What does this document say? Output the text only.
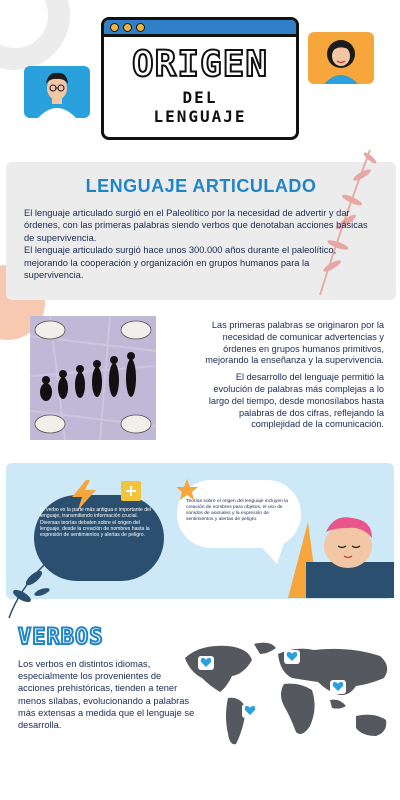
ORIGEN
DEL
LENGUAJE
LENGUAJE ARTICULADO
El lenguaje articulado surgió en el Paleolítico por la necesidad de advertir y dar órdenes, con las primeras palabras siendo verbos que denotaban acciones básicas de supervivencia.
El lenguaje articulado surgió hace unos 300.000 años durante el paleolítico, mejorando la cooperación y organización en grupos humanos para la supervivencia.

Las primeras palabras se originaron por la necesidad de comunicar advertencias y órdenes en grupos humanos primitivos, mejorando la enseñanza y la supervivencia.

El desarrollo del lenguaje permitió la evolución de palabras más complejas a lo largo del tiempo, desde monosílabos hasta palabras de dos cifras, reflejando la complejidad de la comunicación.

El verbo es la parte más antigua e importante del lenguaje, transmitiendo información crucial. Diversas teorías debaten sobre el origen del lenguaje, desde la creación de nombres hasta la expresión de sentimientos y alertas de peligro.
Teorías sobre el origen del lenguaje incluyen la creación de nombres para objetos, el uso de sonidos de animales y la expresión de sentimientos y alertas de peligro.
VERBOS
Los verbos en distintos idiomas, especialmente los provenientes de acciones prehistóricas, tienden a tener menos sílabas, evolucionando a palabras más extensas a medida que el lenguaje se desarrolla.
